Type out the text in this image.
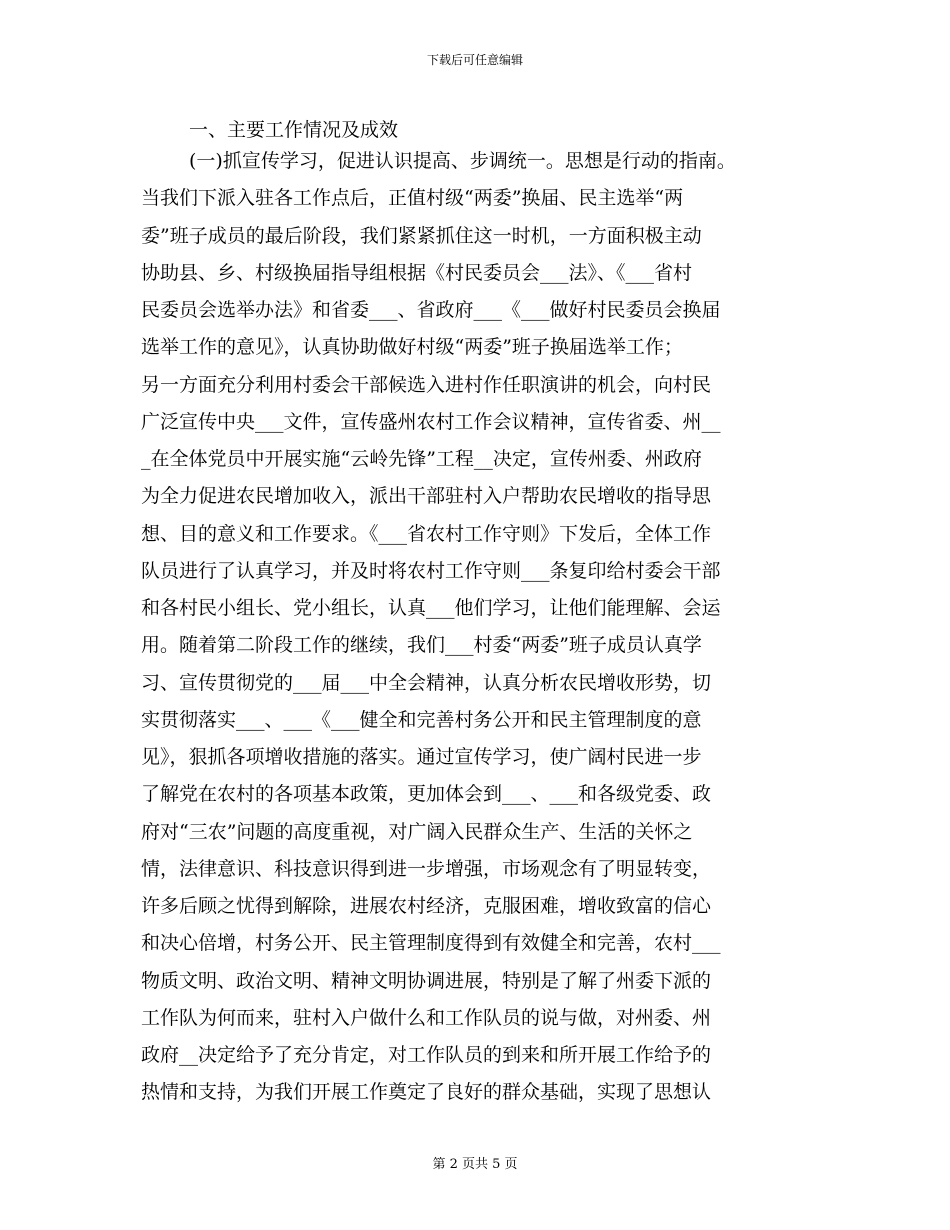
下载后可任意编辑
一、主要工作情况及成效
(一)抓宣传学习，促进认识提高、步调统一。思想是行动的指南。
当我们下派入驻各工作点后，正值村级“两委”换届、民主选举“两
委”班子成员的最后阶段，我们紧紧抓住这一时机，一方面积极主动
协助县、乡、村级换届指导组根据《村民委员会___法》、《___省村
民委员会选举办法》和省委___、省政府___《___做好村民委员会换届
选举工作的意见》，认真协助做好村级“两委”班子换届选举工作；
另一方面充分利用村委会干部候选入进村作任职演讲的机会，向村民
广泛宣传中央___文件，宣传盛州农村工作会议精神，宣传省委、州__
_在全体党员中开展实施“云岭先锋”工程__决定，宣传州委、州政府
为全力促进农民增加收入，派出干部驻村入户帮助农民增收的指导思
想、目的意义和工作要求。《___省农村工作守则》下发后，全体工作
队员进行了认真学习，并及时将农村工作守则___条复印给村委会干部
和各村民小组长、党小组长，认真___他们学习，让他们能理解、会运
用。随着第二阶段工作的继续，我们___村委“两委”班子成员认真学
习、宣传贯彻党的___届___中全会精神，认真分析农民增收形势，切
实贯彻落实___、___《___健全和完善村务公开和民主管理制度的意
见》，狠抓各项增收措施的落实。通过宣传学习，使广阔村民进一步
了解党在农村的各项基本政策，更加体会到___、___和各级党委、政
府对“三农”问题的高度重视，对广阔入民群众生产、生活的关怀之
情，法律意识、科技意识得到进一步增强，市场观念有了明显转变，
许多后顾之忧得到解除，进展农村经济，克服困难，增收致富的信心
和决心倍增，村务公开、民主管理制度得到有效健全和完善，农村___
物质文明、政治文明、精神文明协调进展，特别是了解了州委下派的
工作队为何而来，驻村入户做什么和工作队员的说与做，对州委、州
政府__决定给予了充分肯定，对工作队员的到来和所开展工作给予的
热情和支持，为我们开展工作奠定了良好的群众基础，实现了思想认
第 2 页共 5 页
